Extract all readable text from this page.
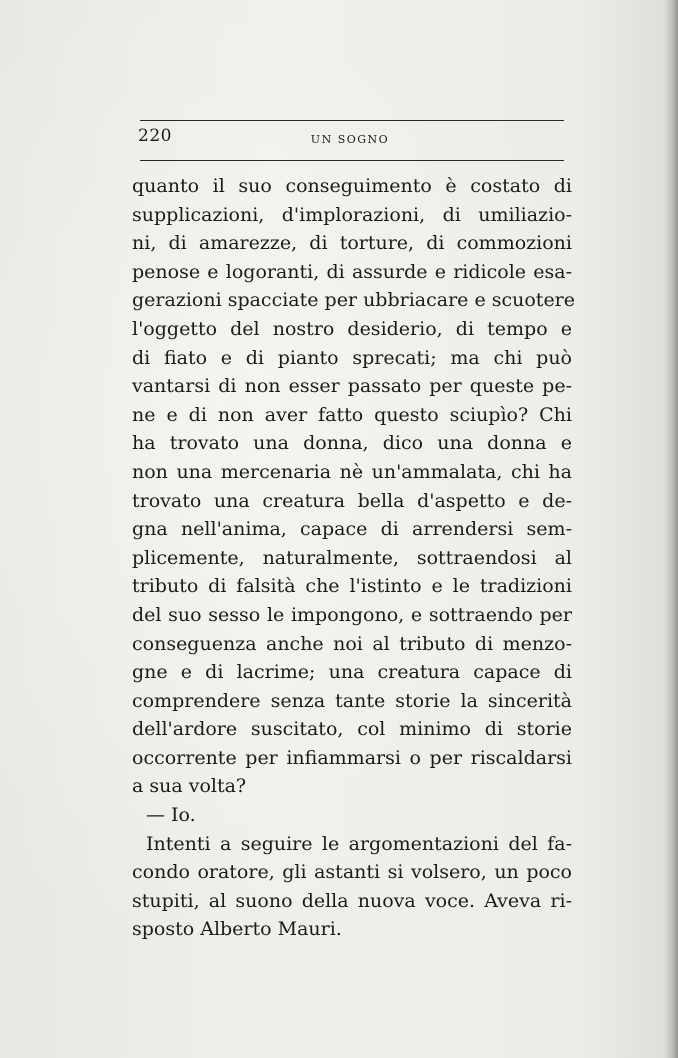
220	UN SOGNO
quanto il suo conseguimento è costato di
supplicazioni, d'implorazioni, di umiliazio-
ni, di amarezze, di torture, di commozioni
penose e logoranti, di assurde e ridicole esa-
gerazioni spacciate per ubbriacare e scuotere
l'oggetto del nostro desiderio, di tempo e
di fiato e di pianto sprecati; ma chi può
vantarsi di non esser passato per queste pe-
ne e di non aver fatto questo sciupìo? Chi
ha trovato una donna, dico una donna e
non una mercenaria nè un'ammalata, chi ha
trovato una creatura bella d'aspetto e de-
gna nell'anima, capace di arrendersi sem-
plicemente, naturalmente, sottraendosi al
tributo di falsità che l'istinto e le tradizioni
del suo sesso le impongono, e sottraendo per
conseguenza anche noi al tributo di menzo-
gne e di lacrime; una creatura capace di
comprendere senza tante storie la sincerità
dell'ardore suscitato, col minimo di storie
occorrente per infiammarsi o per riscaldarsi
a sua volta?
— Io.
Intenti a seguire le argomentazioni del fa-
condo oratore, gli astanti si volsero, un poco
stupiti, al suono della nuova voce. Aveva ri-
sposto Alberto Mauri.
